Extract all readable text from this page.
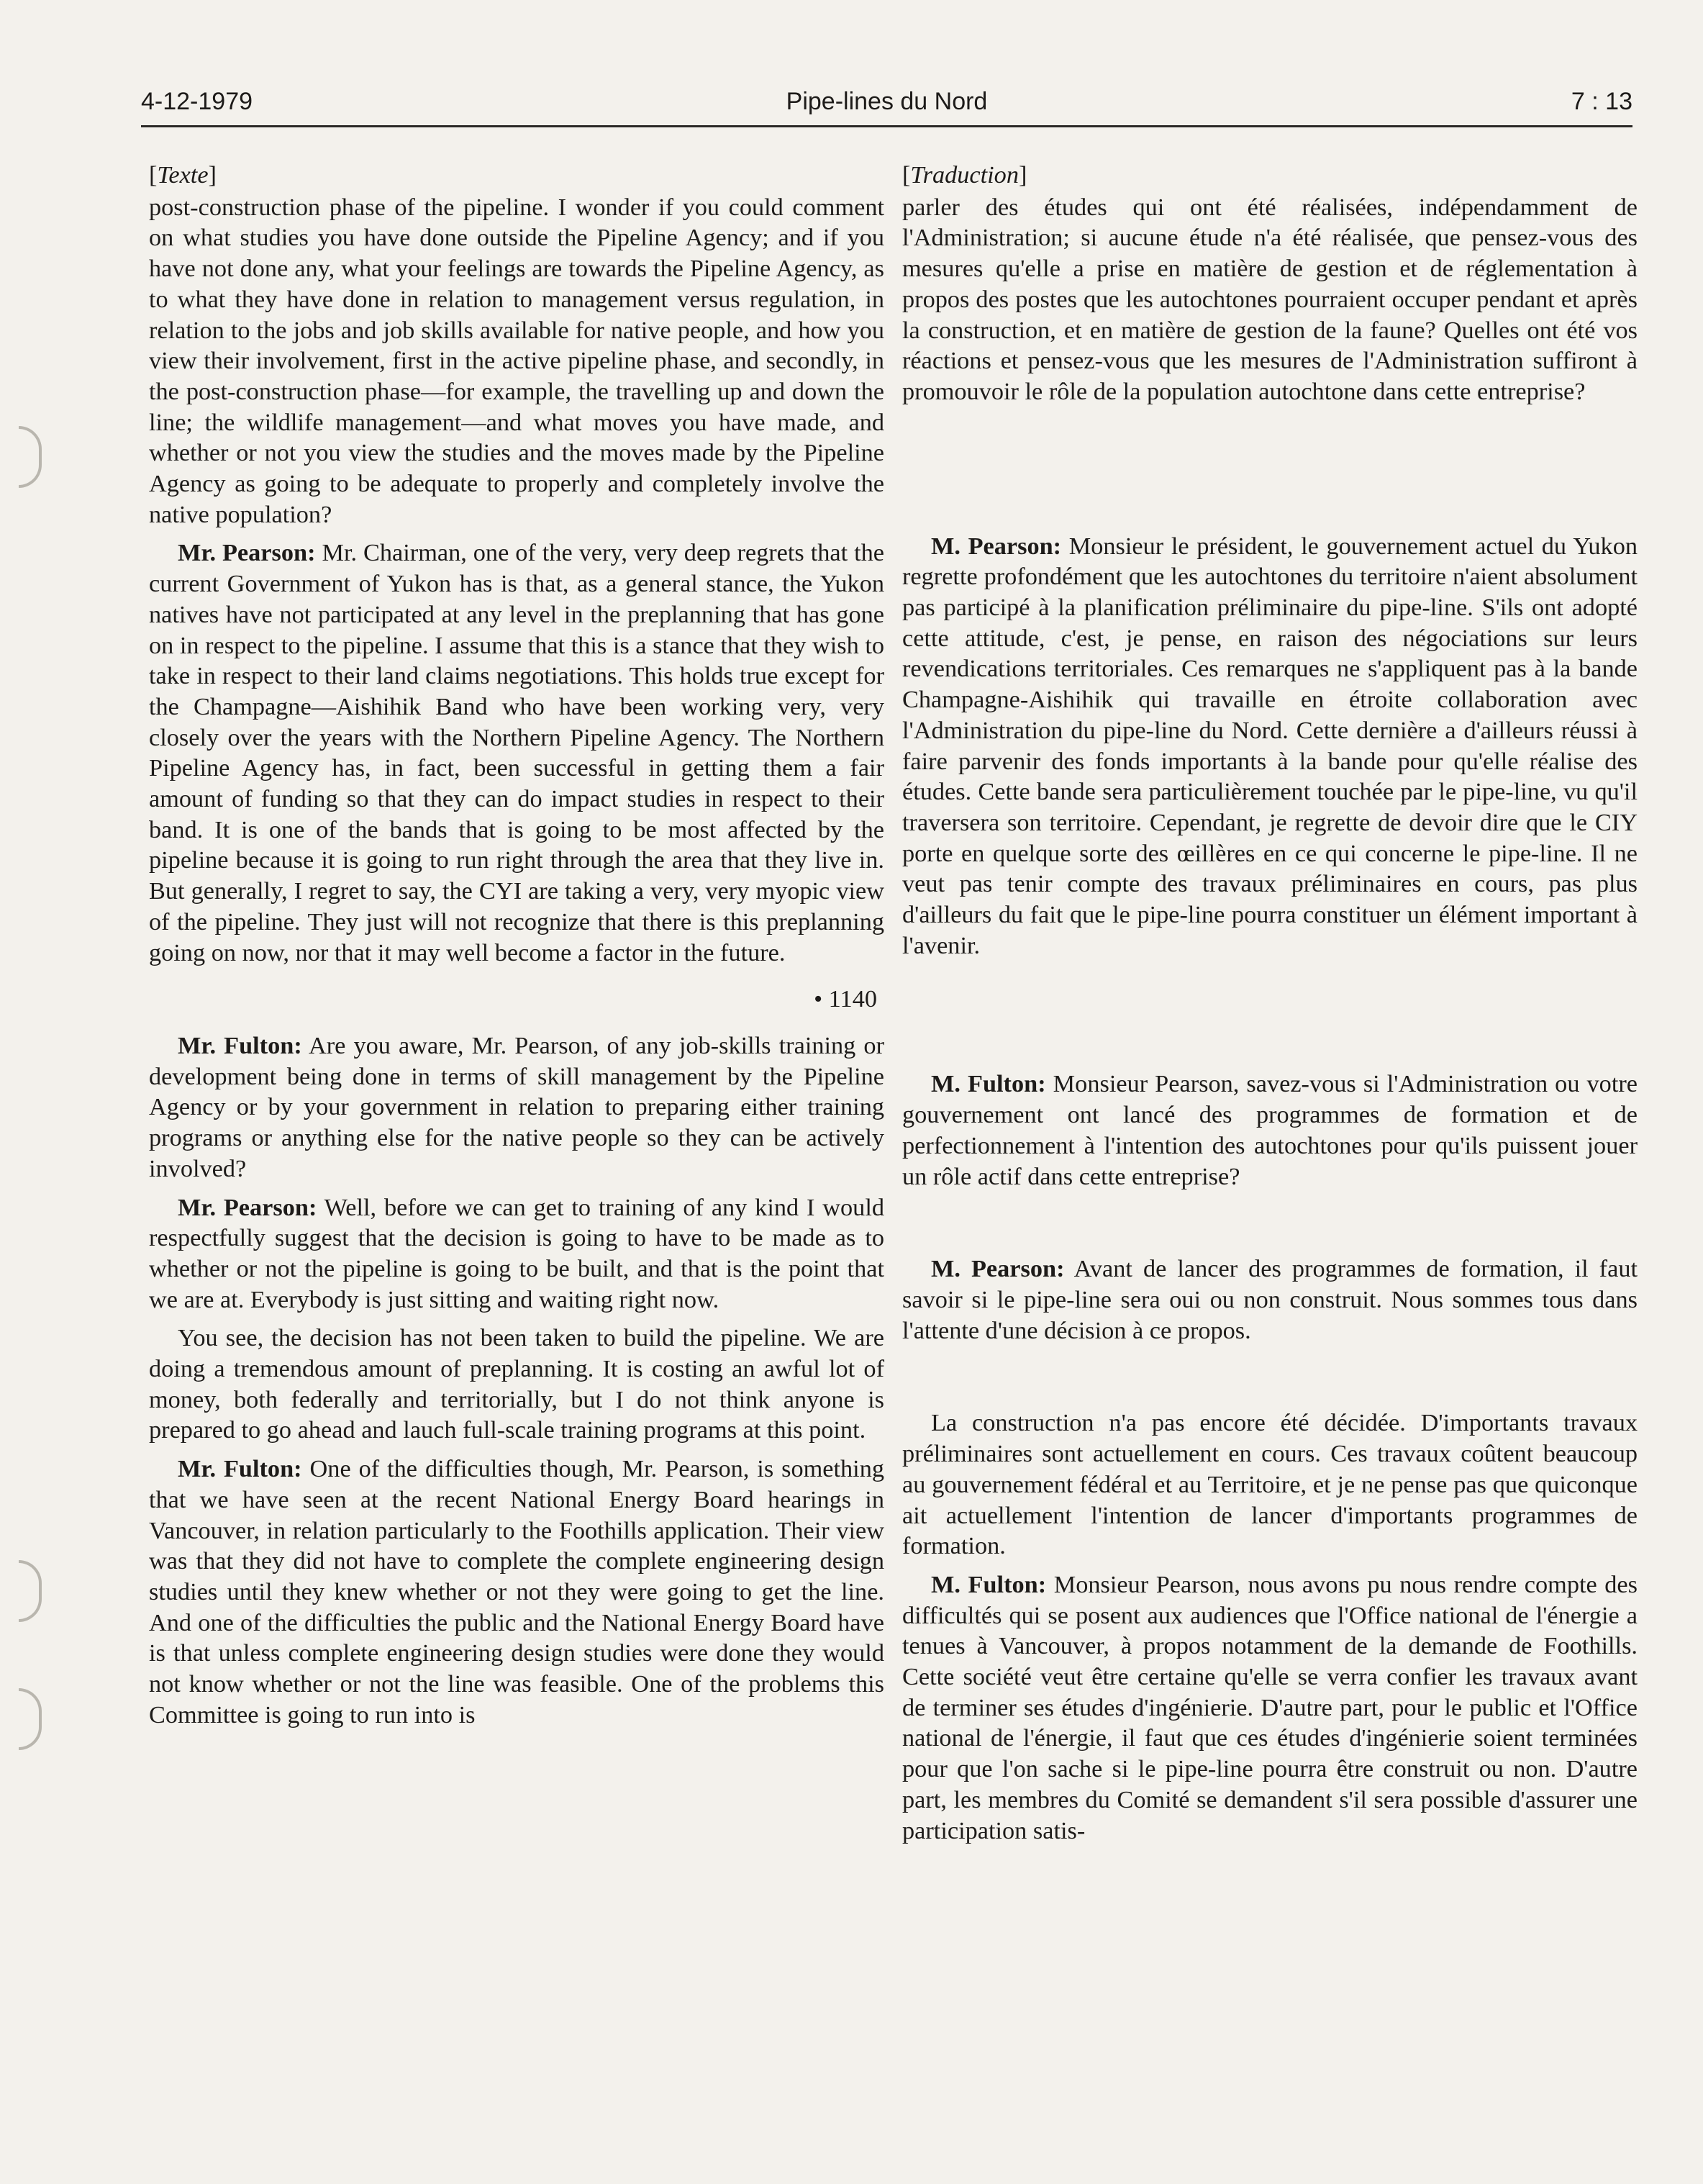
4-12-1979	Pipe-lines du Nord	7 : 13

[Texte]

post-construction phase of the pipeline. I wonder if you could comment on what studies you have done outside the Pipeline Agency; and if you have not done any, what your feelings are towards the Pipeline Agency, as to what they have done in relation to management versus regulation, in relation to the jobs and job skills available for native people, and how you view their involvement, first in the active pipeline phase, and secondly, in the post-construction phase—for example, the travelling up and down the line; the wildlife management—and what moves you have made, and whether or not you view the studies and the moves made by the Pipeline Agency as going to be adequate to properly and completely involve the native population?

Mr. Pearson: Mr. Chairman, one of the very, very deep regrets that the current Government of Yukon has is that, as a general stance, the Yukon natives have not participated at any level in the preplanning that has gone on in respect to the pipeline. I assume that this is a stance that they wish to take in respect to their land claims negotiations. This holds true except for the Champagne—Aishihik Band who have been working very, very closely over the years with the Northern Pipeline Agency. The Northern Pipeline Agency has, in fact, been successful in getting them a fair amount of funding so that they can do impact studies in respect to their band. It is one of the bands that is going to be most affected by the pipeline because it is going to run right through the area that they live in. But generally, I regret to say, the CYI are taking a very, very myopic view of the pipeline. They just will not recognize that there is this preplanning going on now, nor that it may well become a factor in the future.

• 1140

Mr. Fulton: Are you aware, Mr. Pearson, of any job-skills training or development being done in terms of skill management by the Pipeline Agency or by your government in relation to preparing either training programs or anything else for the native people so they can be actively involved?

Mr. Pearson: Well, before we can get to training of any kind I would respectfully suggest that the decision is going to have to be made as to whether or not the pipeline is going to be built, and that is the point that we are at. Everybody is just sitting and waiting right now.

You see, the decision has not been taken to build the pipeline. We are doing a tremendous amount of preplanning. It is costing an awful lot of money, both federally and territorially, but I do not think anyone is prepared to go ahead and lauch full-scale training programs at this point.

Mr. Fulton: One of the difficulties though, Mr. Pearson, is something that we have seen at the recent National Energy Board hearings in Vancouver, in relation particularly to the Foothills application. Their view was that they did not have to complete the complete engineering design studies until they knew whether or not they were going to get the line. And one of the difficulties the public and the National Energy Board have is that unless complete engineering design studies were done they would not know whether or not the line was feasible. One of the problems this Committee is going to run into is

[Traduction]

parler des études qui ont été réalisées, indépendamment de l'Administration; si aucune étude n'a été réalisée, que pensez-vous des mesures qu'elle a prise en matière de gestion et de réglementation à propos des postes que les autochtones pourraient occuper pendant et après la construction, et en matière de gestion de la faune? Quelles ont été vos réactions et pensez-vous que les mesures de l'Administration suffiront à promouvoir le rôle de la population autochtone dans cette entreprise?

M. Pearson: Monsieur le président, le gouvernement actuel du Yukon regrette profondément que les autochtones du territoire n'aient absolument pas participé à la planification préliminaire du pipe-line. S'ils ont adopté cette attitude, c'est, je pense, en raison des négociations sur leurs revendications territoriales. Ces remarques ne s'appliquent pas à la bande Champagne-Aishihik qui travaille en étroite collaboration avec l'Administration du pipe-line du Nord. Cette dernière a d'ailleurs réussi à faire parvenir des fonds importants à la bande pour qu'elle réalise des études. Cette bande sera particulièrement touchée par le pipe-line, vu qu'il traversera son territoire. Cependant, je regrette de devoir dire que le CIY porte en quelque sorte des œillères en ce qui concerne le pipe-line. Il ne veut pas tenir compte des travaux préliminaires en cours, pas plus d'ailleurs du fait que le pipe-line pourra constituer un élément important à l'avenir.

M. Fulton: Monsieur Pearson, savez-vous si l'Administration ou votre gouvernement ont lancé des programmes de formation et de perfectionnement à l'intention des autochtones pour qu'ils puissent jouer un rôle actif dans cette entreprise?

M. Pearson: Avant de lancer des programmes de formation, il faut savoir si le pipe-line sera oui ou non construit. Nous sommes tous dans l'attente d'une décision à ce propos.

La construction n'a pas encore été décidée. D'importants travaux préliminaires sont actuellement en cours. Ces travaux coûtent beaucoup au gouvernement fédéral et au Territoire, et je ne pense pas que quiconque ait actuellement l'intention de lancer d'importants programmes de formation.

M. Fulton: Monsieur Pearson, nous avons pu nous rendre compte des difficultés qui se posent aux audiences que l'Office national de l'énergie a tenues à Vancouver, à propos notamment de la demande de Foothills. Cette société veut être certaine qu'elle se verra confier les travaux avant de terminer ses études d'ingénierie. D'autre part, pour le public et l'Office national de l'énergie, il faut que ces études d'ingénierie soient terminées pour que l'on sache si le pipe-line pourra être construit ou non. D'autre part, les membres du Comité se demandent s'il sera possible d'assurer une participation satis-
